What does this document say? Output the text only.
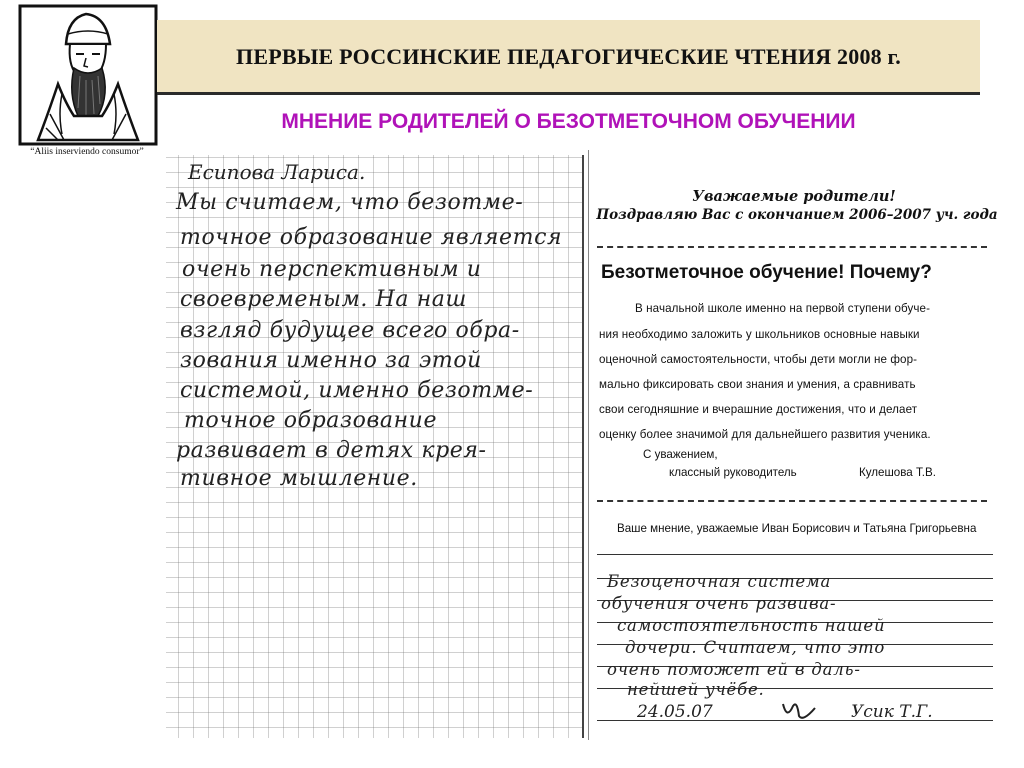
“Aliis inserviendo consumor”
ПЕРВЫЕ РОССИНСКИЕ ПЕДАГОГИЧЕСКИЕ ЧТЕНИЯ 2008 г.
МНЕНИЕ РОДИТЕЛЕЙ О БЕЗОТМЕТОЧНОМ ОБУЧЕНИИ
Есипова Лариса.
Мы считаем, что безотме-
точное образование является
очень перспективным и
своевременым. На наш
взгляд будущее всего обра-
зования именно за этой
системой, именно безотме-
точное образование
развивает в детях крея-
тивное мышление.
Уважаемые родители!
Поздравляю Вас с окончанием 2006–2007 уч. года
Безотметочное обучение! Почему?
В начальной школе именно на первой ступени обуче-
ния необходимо заложить у школьников основные навыки
оценочной самостоятельности, чтобы дети могли не фор-
мально фиксировать свои знания и умения, а сравнивать
свои сегодняшние и вчерашние достижения, что и делает
оценку более значимой для дальнейшего развития ученика.
С уважением,
классный руководитель	Кулешова Т.В.
Ваше мнение, уважаемые Иван Борисович и Татьяна Григорьевна
Безоценочная система
обучения очень развива-
самостоятельность нашей
дочери. Считаем, что это
очень поможет ей в даль-
нейшей учёбе.
24.05.07	Усик Т.Г.
